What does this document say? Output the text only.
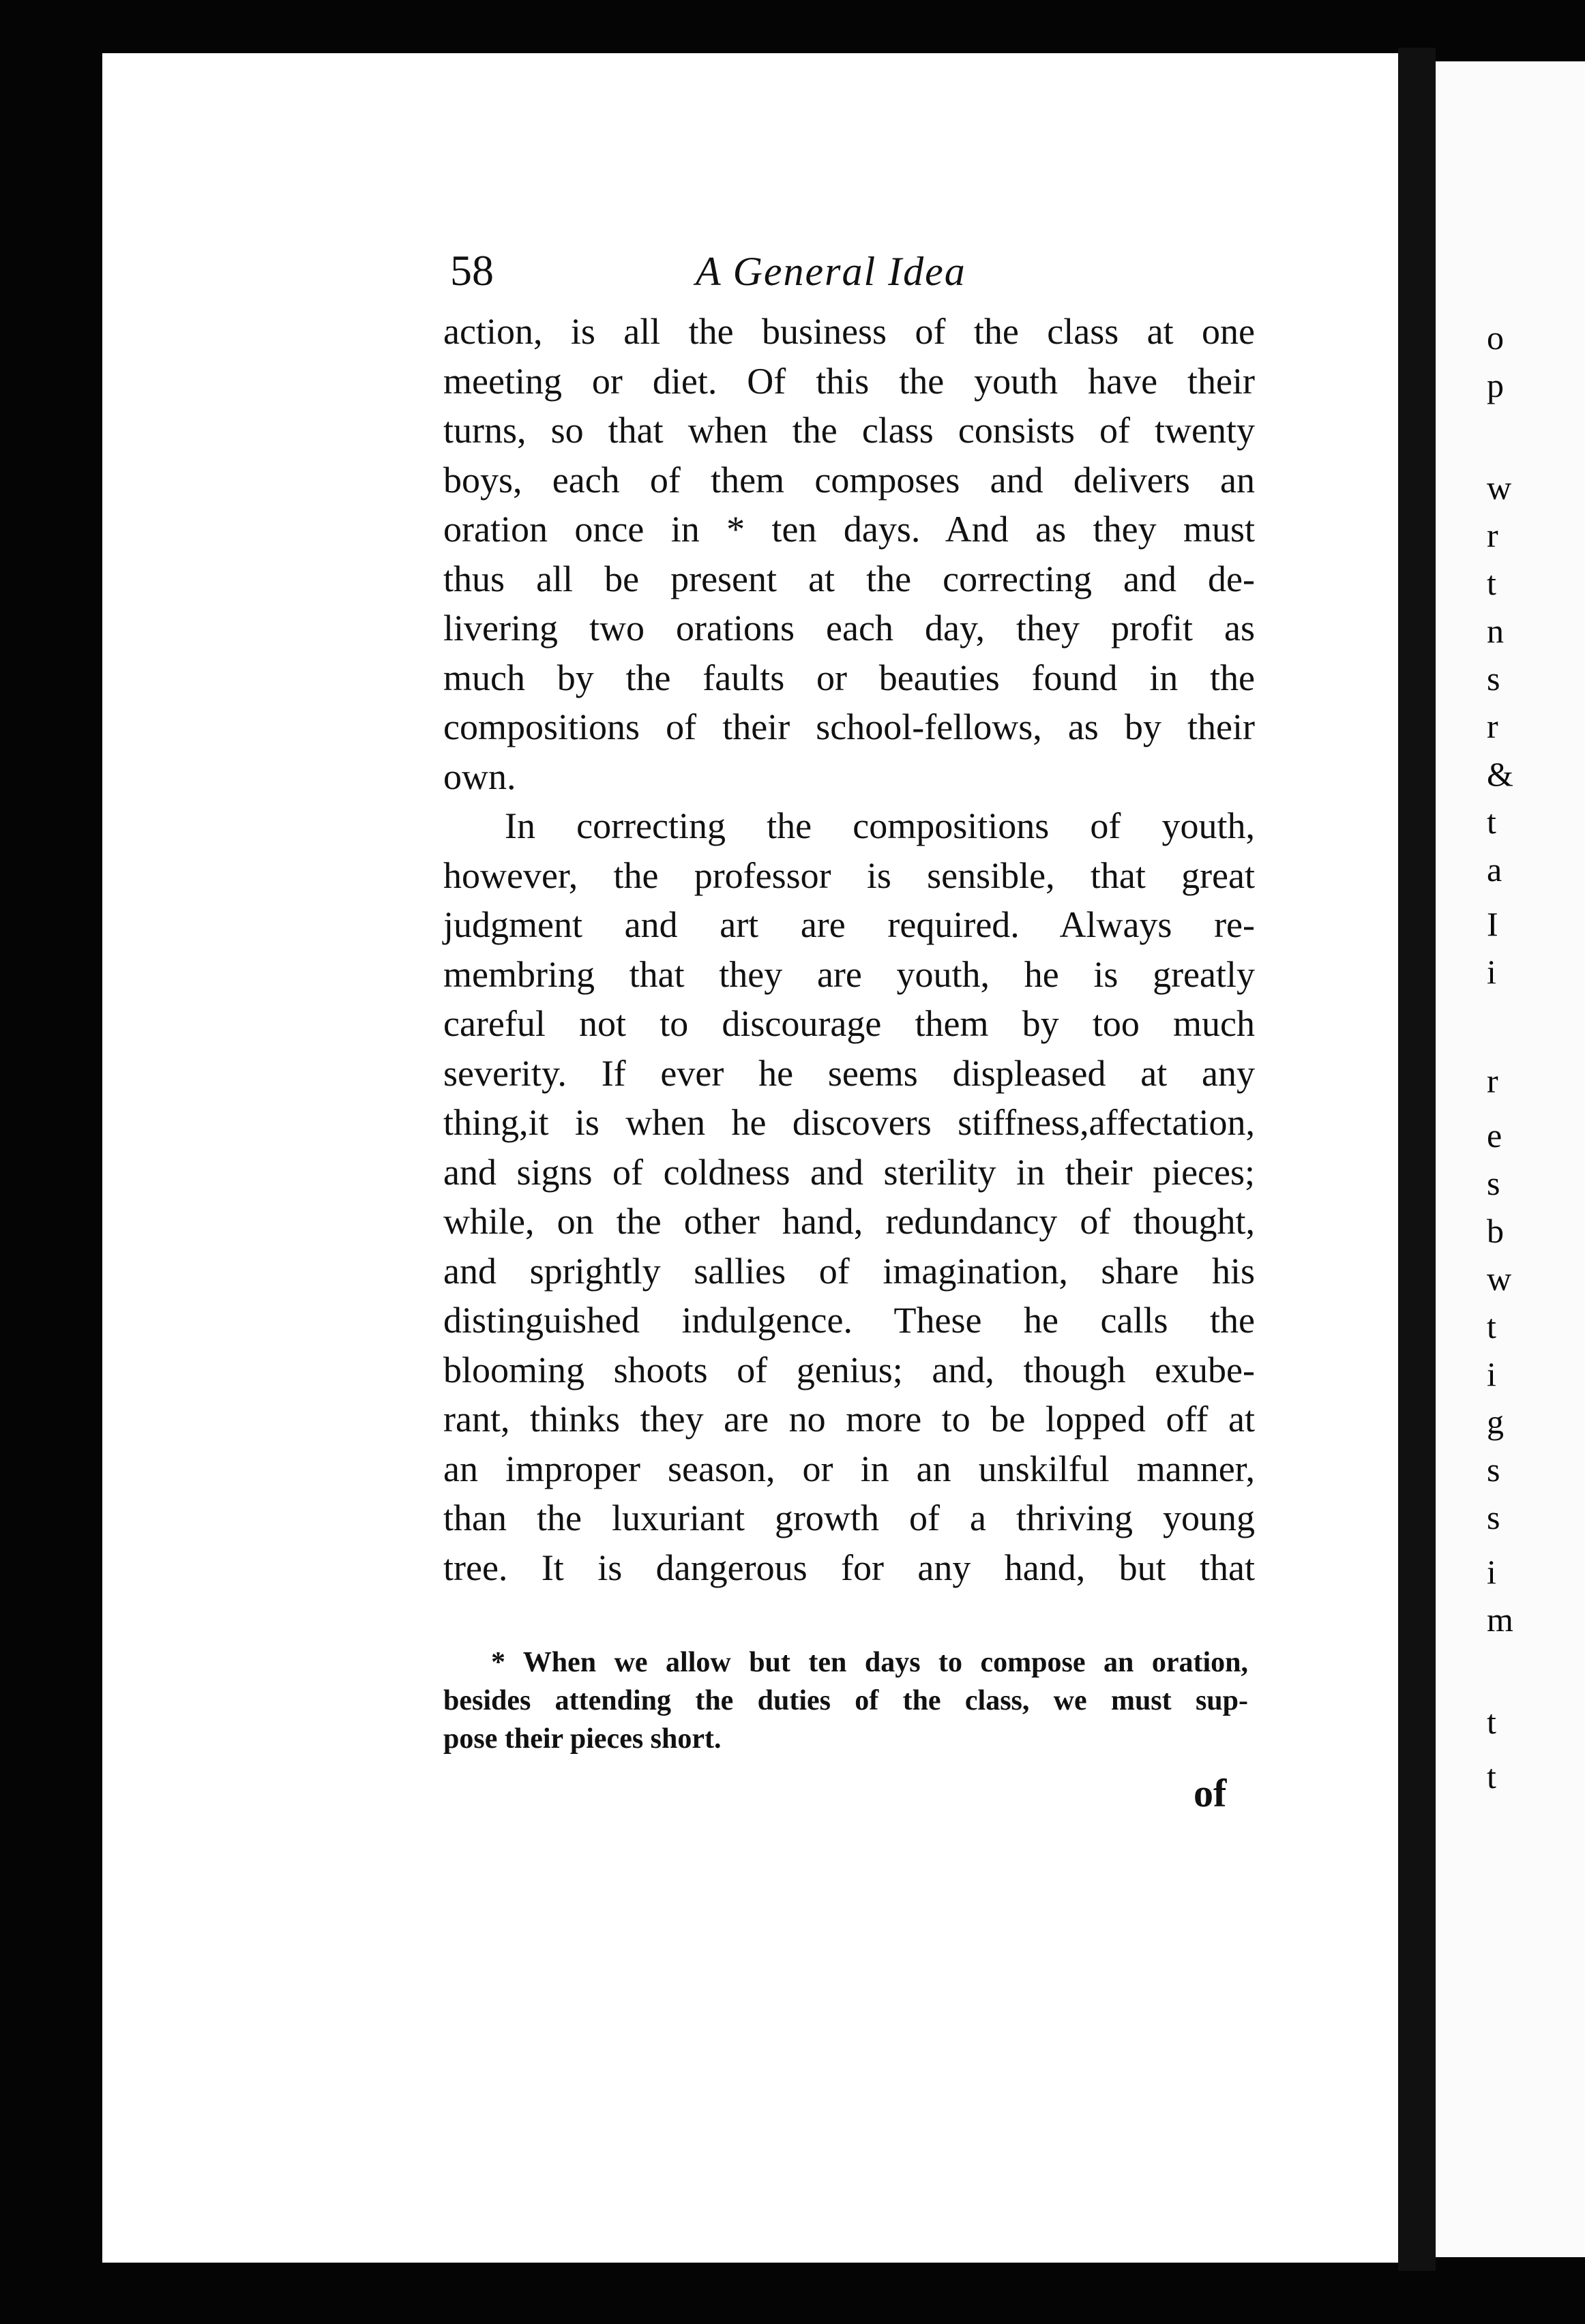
o
p
w
r
t
n
s
r
&
t
a
I
i
r
e
s
b
w
t
i
g
s
s
i
m
t
t
58	A General Idea
action, is all the business of the class at one
meeting or diet. Of this the youth have their
turns, so that when the class consists of twenty
boys, each of them composes and delivers an
oration once in * ten days. And as they must
thus all be present at the correcting and de-
livering two orations each day, they profit as
much by the faults or beauties found in the
compositions of their school-fellows, as by their
own.
In correcting the compositions of youth,
however, the professor is sensible, that great
judgment and art are required. Always re-
membring that they are youth, he is greatly
careful not to discourage them by too much
severity. If ever he seems displeased at any
thing,it is when he discovers stiffness,affectation,
and signs of coldness and sterility in their pieces;
while, on the other hand, redundancy of thought,
and sprightly sallies of imagination, share his
distinguished indulgence. These he calls the
blooming shoots of genius; and, though exube-
rant, thinks they are no more to be lopped off at
an improper season, or in an unskilful manner,
than the luxuriant growth of a thriving young
tree. It is dangerous for any hand, but that
* When we allow but ten days to compose an oration,
besides attending the duties of the class, we must sup-
pose their pieces short.
of
